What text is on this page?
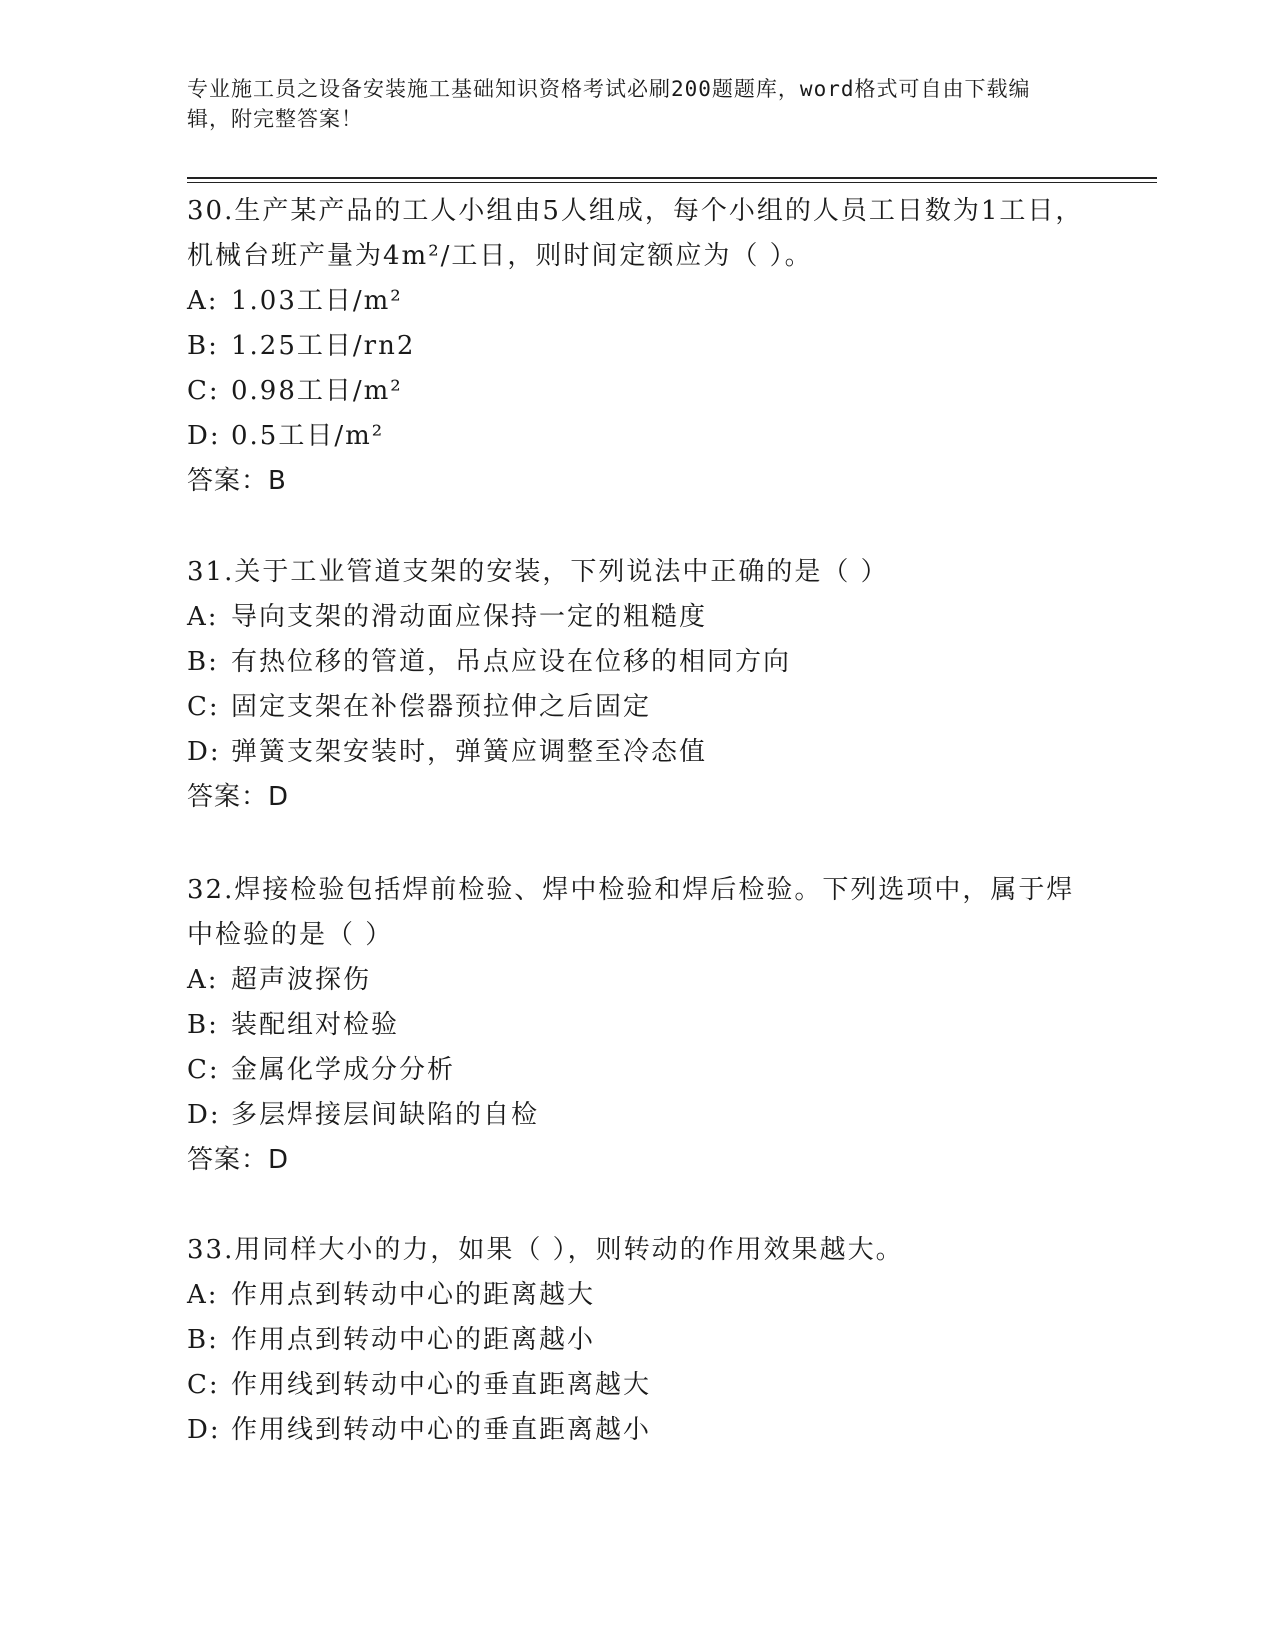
专业施工员之设备安装施工基础知识资格考试必刷200题题库，word格式可自由下载编辑，附完整答案！

30.生产某产品的工人小组由5人组成，每个小组的人员工日数为1工日，机械台班产量为4m²/工日，则时间定额应为（ ）。

A: 1.03工日/m²

B: 1.25工日/rn2

C: 0.98工日/m²

D: 0.5工日/m²

答案：B

31.关于工业管道支架的安装，下列说法中正确的是（ ）

A: 导向支架的滑动面应保持一定的粗糙度

B: 有热位移的管道，吊点应设在位移的相同方向

C: 固定支架在补偿器预拉伸之后固定

D: 弹簧支架安装时，弹簧应调整至冷态值

答案：D

32.焊接检验包括焊前检验、焊中检验和焊后检验。下列选项中，属于焊中检验的是（ ）

A: 超声波探伤

B: 装配组对检验

C: 金属化学成分分析

D: 多层焊接层间缺陷的自检

答案：D

33.用同样大小的力，如果（ ），则转动的作用效果越大。

A: 作用点到转动中心的距离越大

B: 作用点到转动中心的距离越小

C: 作用线到转动中心的垂直距离越大

D: 作用线到转动中心的垂直距离越小
